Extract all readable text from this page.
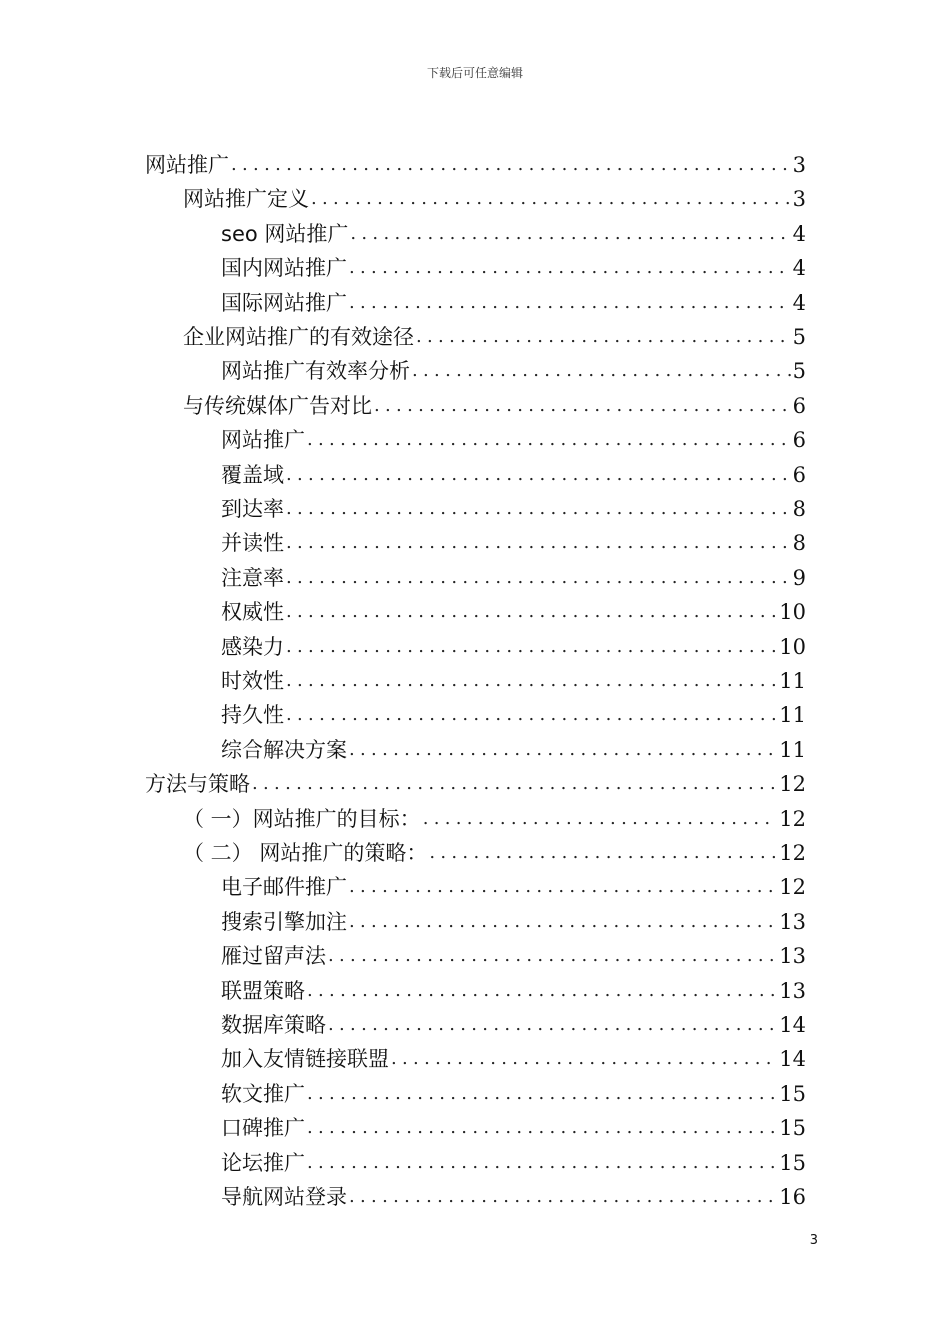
下载后可任意编辑
网站推广 .....	3
网站推广定义 .....	3
seo 网站推广 .....	4
国内网站推广 .....	4
国际网站推广 .....	4
企业网站推广的有效途径 .....	5
网站推广有效率分析 .....	5
与传统媒体广告对比 .....	6
网站推广 .....	6
覆盖域 .....	6
到达率 .....	8
并读性 .....	8
注意率 .....	9
权威性 .....	10
感染力 .....	10
时效性 .....	11
持久性 .....	11
综合解决方案 .....	11
方法与策略 .....	12
（ 一）网站推广的目标： .....	12
（ 二） 网站推广的策略： .....	12
电子邮件推广 .....	12
搜索引擎加注 .....	13
雁过留声法 .....	13
联盟策略 .....	13
数据库策略 .....	14
加入友情链接联盟 .....	14
软文推广 .....	15
口碑推广 .....	15
论坛推广 .....	15
导航网站登录 .....	16
3
